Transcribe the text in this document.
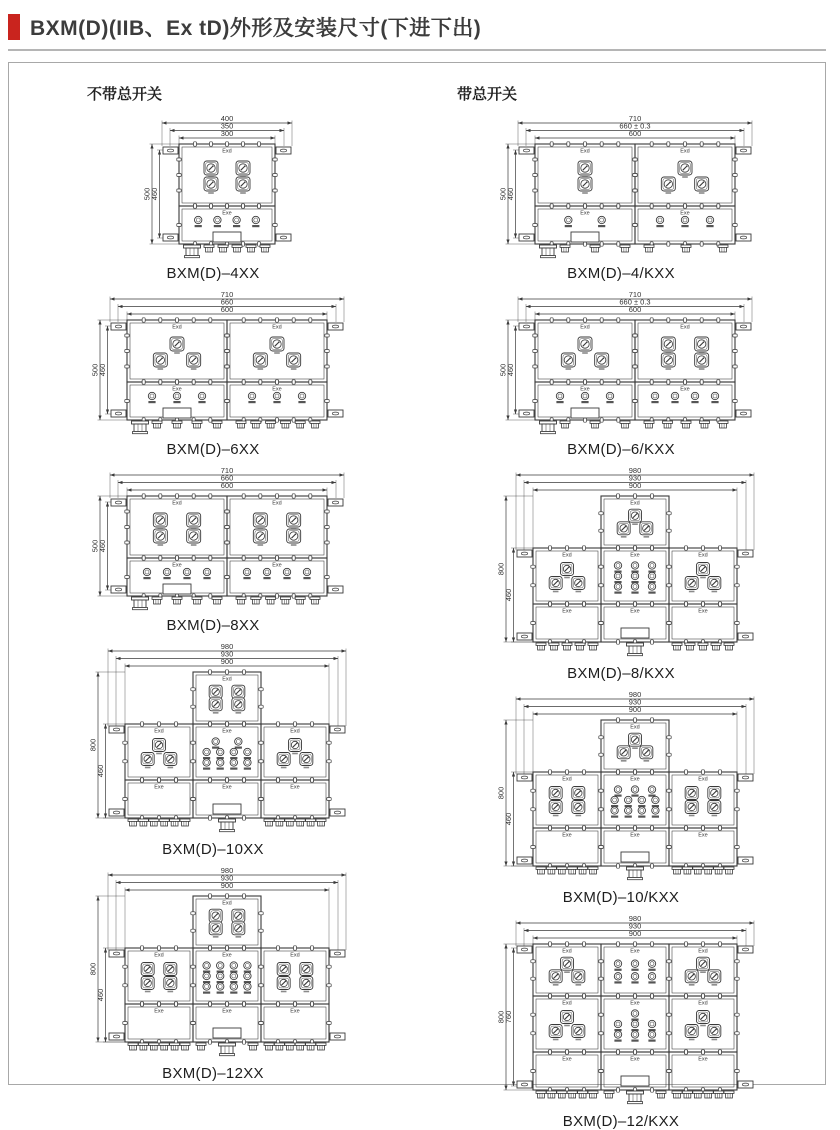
BXM(D)(IIB、Ex tD)外形及安装尺寸(下进下出)
不带总开关
400
350
300
500
460
Exd
Exe
BXM(D)–4XX
710
660
600
500
460
Exd
Exe
Exd
Exe
BXM(D)–6XX
710
660
600
500
460
Exd
Exe
Exd
Exe
BXM(D)–8XX
980
930
900
800
460
Exd
Exd	Exe	Exd
Exe	Exe	Exe
BXM(D)–10XX
980
930
900
800
460
Exd
Exd	Exe	Exd
Exe	Exe	Exe
BXM(D)–12XX
带总开关
710
660 ± 0.3
600
500
460
Exd
Exe
Exd
Exe
BXM(D)–4/KXX
710
660 ± 0.3
600
500
460
Exd
Exe
Exd
Exe
BXM(D)–6/KXX
980
930
900
800
460
Exd
Exd	Exe	Exd
Exe	Exe	Exe
BXM(D)–8/KXX
980
930
900
800
460
Exd
Exd	Exe	Exd
Exe	Exe	Exe
BXM(D)–10/KXX
980
930
900
800
760
Exd	Exe	Exd
Exd	Exe	Exd
Exe	Exe	Exe
BXM(D)–12/KXX
